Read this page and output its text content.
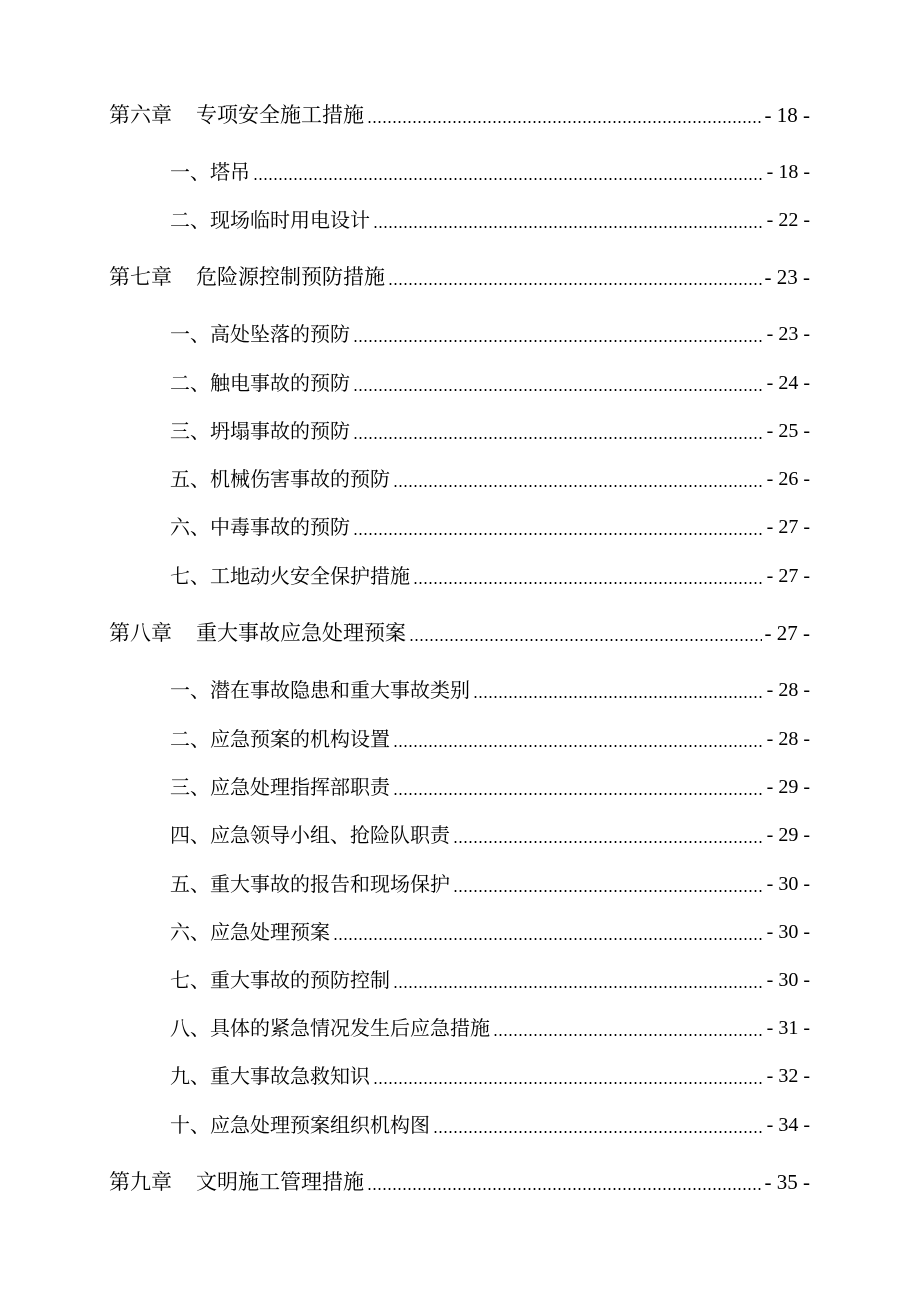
第六章 专项安全施工措施	- 18 -
一、塔吊	- 18 -
二、现场临时用电设计	- 22 -
第七章 危险源控制预防措施	- 23 -
一、高处坠落的预防	- 23 -
二、触电事故的预防	- 24 -
三、坍塌事故的预防	- 25 -
五、机械伤害事故的预防	- 26 -
六、中毒事故的预防	- 27 -
七、工地动火安全保护措施	- 27 -
第八章 重大事故应急处理预案	- 27 -
一、潜在事故隐患和重大事故类别	- 28 -
二、应急预案的机构设置	- 28 -
三、应急处理指挥部职责	- 29 -
四、应急领导小组、抢险队职责	- 29 -
五、重大事故的报告和现场保护	- 30 -
六、应急处理预案	- 30 -
七、重大事故的预防控制	- 30 -
八、具体的紧急情况发生后应急措施	- 31 -
九、重大事故急救知识	- 32 -
十、应急处理预案组织机构图	- 34 -
第九章 文明施工管理措施	- 35 -
